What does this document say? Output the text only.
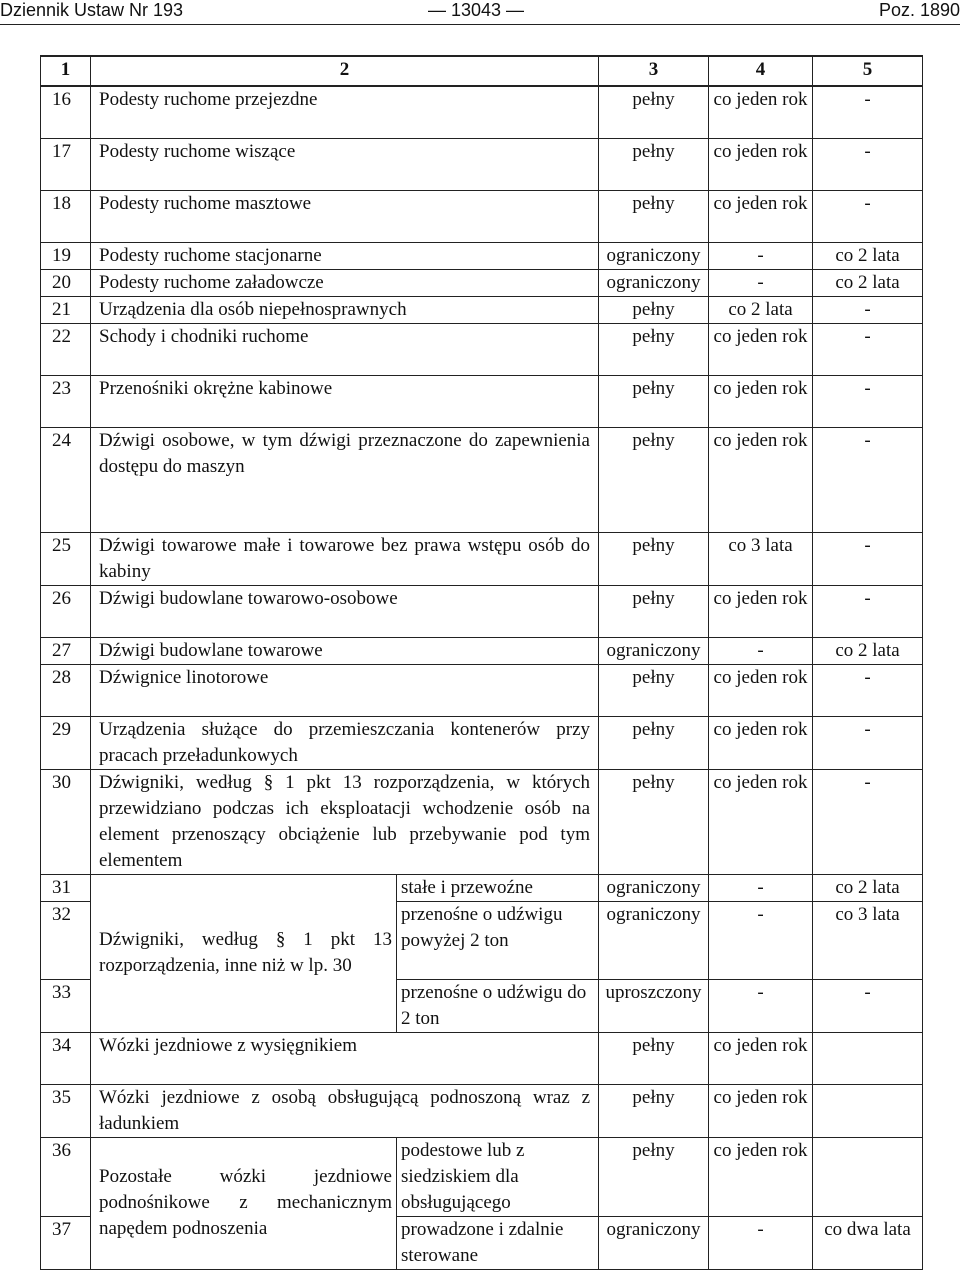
Dziennik Ustaw Nr 193	— 13043 —	Poz. 1890
1	2		3	4	5
16	Podesty ruchome przejezdne		pełny	co jeden rok	-
17	Podesty ruchome wiszące		pełny	co jeden rok	-
18	Podesty ruchome masztowe		pełny	co jeden rok	-
19	Podesty ruchome stacjonarne		ograniczony	-	co 2 lata
20	Podesty ruchome załadowcze		ograniczony	-	co 2 lata
21	Urządzenia dla osób niepełnosprawnych		pełny	co 2 lata	-
22	Schody i chodniki ruchome		pełny	co jeden rok	-
23	Przenośniki okrężne kabinowe		pełny	co jeden rok	-
24	Dźwigi osobowe, w tym dźwigi przeznaczone do zapewnienia dostępu do maszyn		pełny	co jeden rok	-

25	Dźwigi towarowe małe i towarowe bez prawa wstępu osób do kabiny		pełny	co 3 lata	-
26	Dźwigi budowlane towarowo-osobowe		pełny	co jeden rok	-
27	Dźwigi budowlane towarowe		ograniczony	-	co 2 lata
28	Dźwignice linotorowe		pełny	co jeden rok	-
29	Urządzenia służące do przemieszczania kontenerów przy pracach przeładunkowych		pełny	co jeden rok	-
30	Dźwigniki, według § 1 pkt 13 rozporządzenia, w których przewidziano podczas ich eksploatacji wchodzenie osób na element przenoszący obciążenie lub przebywanie pod tym elementem		pełny	co jeden rok	-
31	Dźwigniki, według § 1 pkt 13 rozporządzenia, inne niż w lp. 30	stałe i przewoźne	ograniczony	-	co 2 lata
32		przenośne o udźwigu powyżej 2 ton	ograniczony	-	co 3 lata
33		przenośne o udźwigu do 2 ton	uproszczony	-	-
34	Wózki jezdniowe z wysięgnikiem		pełny	co jeden rok	
35	Wózki jezdniowe z osobą obsługującą podnoszoną wraz z ładunkiem		pełny	co jeden rok	
36	Pozostałe wózki jezdniowe podnośnikowe z mechanicznym napędem podnoszenia	podestowe lub z siedziskiem dla obsługującego	pełny	co jeden rok	
37		prowadzone i zdalnie sterowane	ograniczony	-	co dwa lata
